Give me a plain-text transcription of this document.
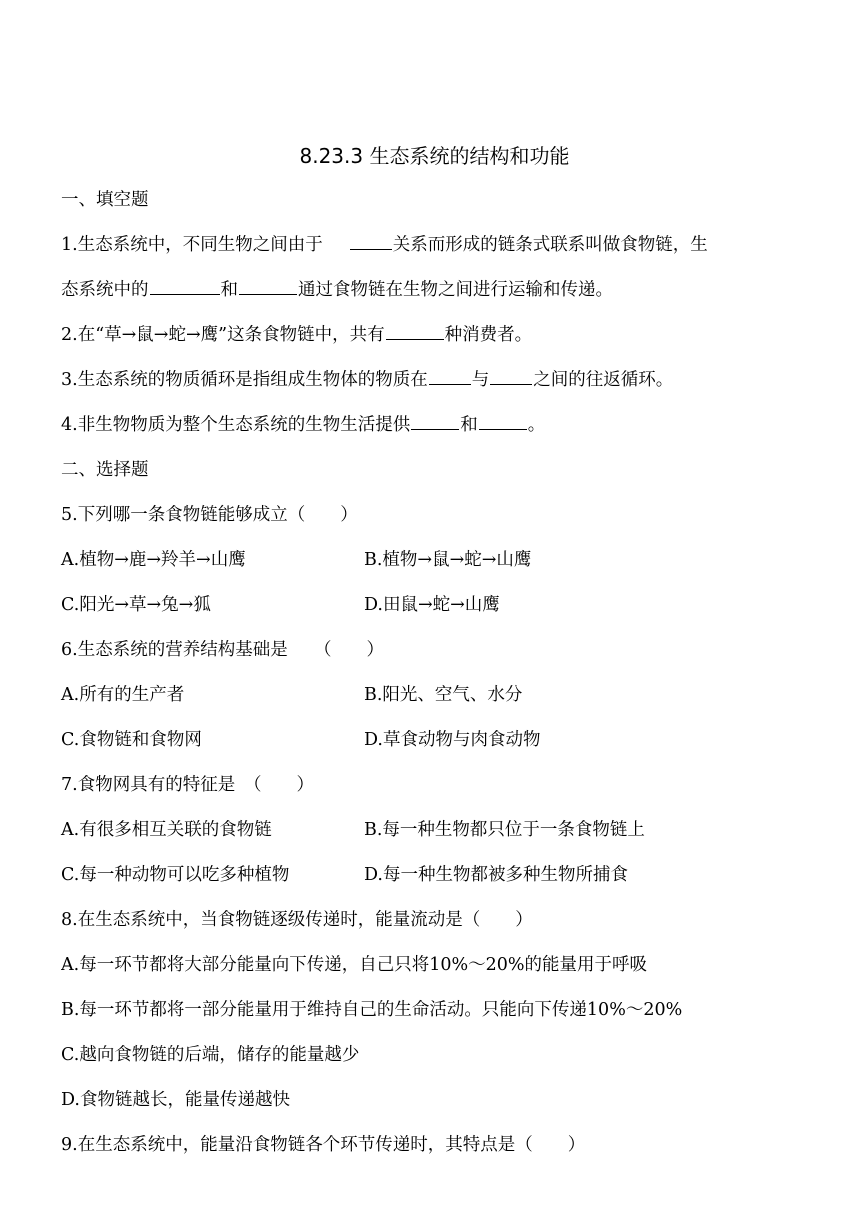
8.23.3 生态系统的结构和功能
一、填空题
1.生态系统中，不同生物之间由于	关系而形成的链条式联系叫做食物链，生
态系统中的	和	通过食物链在生物之间进行运输和传递。
2.在“草→鼠→蛇→鹰”这条食物链中，共有	种消费者。
3.生态系统的物质循环是指组成生物体的物质在	与	之间的往返循环。
4.非生物物质为整个生态系统的生物生活提供	和	。
二、选择题
5.下列哪一条食物链能够成立（　　）
A.植物→鹿→羚羊→山鹰	B.植物→鼠→蛇→山鹰
C.阳光→草→兔→狐	D.田鼠→蛇→山鹰
6.生态系统的营养结构基础是　　（　　）
A.所有的生产者	B.阳光、空气、水分
C.食物链和食物网	D.草食动物与肉食动物
7.食物网具有的特征是　（　　）
A.有很多相互关联的食物链	B.每一种生物都只位于一条食物链上
C.每一种动物可以吃多种植物	D.每一种生物都被多种生物所捕食
8.在生态系统中，当食物链逐级传递时，能量流动是（　　）
A.每一环节都将大部分能量向下传递，自己只将10%～20%的能量用于呼吸
B.每一环节都将一部分能量用于维持自己的生命活动。只能向下传递10%～20%
C.越向食物链的后端，储存的能量越少
D.食物链越长，能量传递越快
9.在生态系统中，能量沿食物链各个环节传递时，其特点是（　　）
